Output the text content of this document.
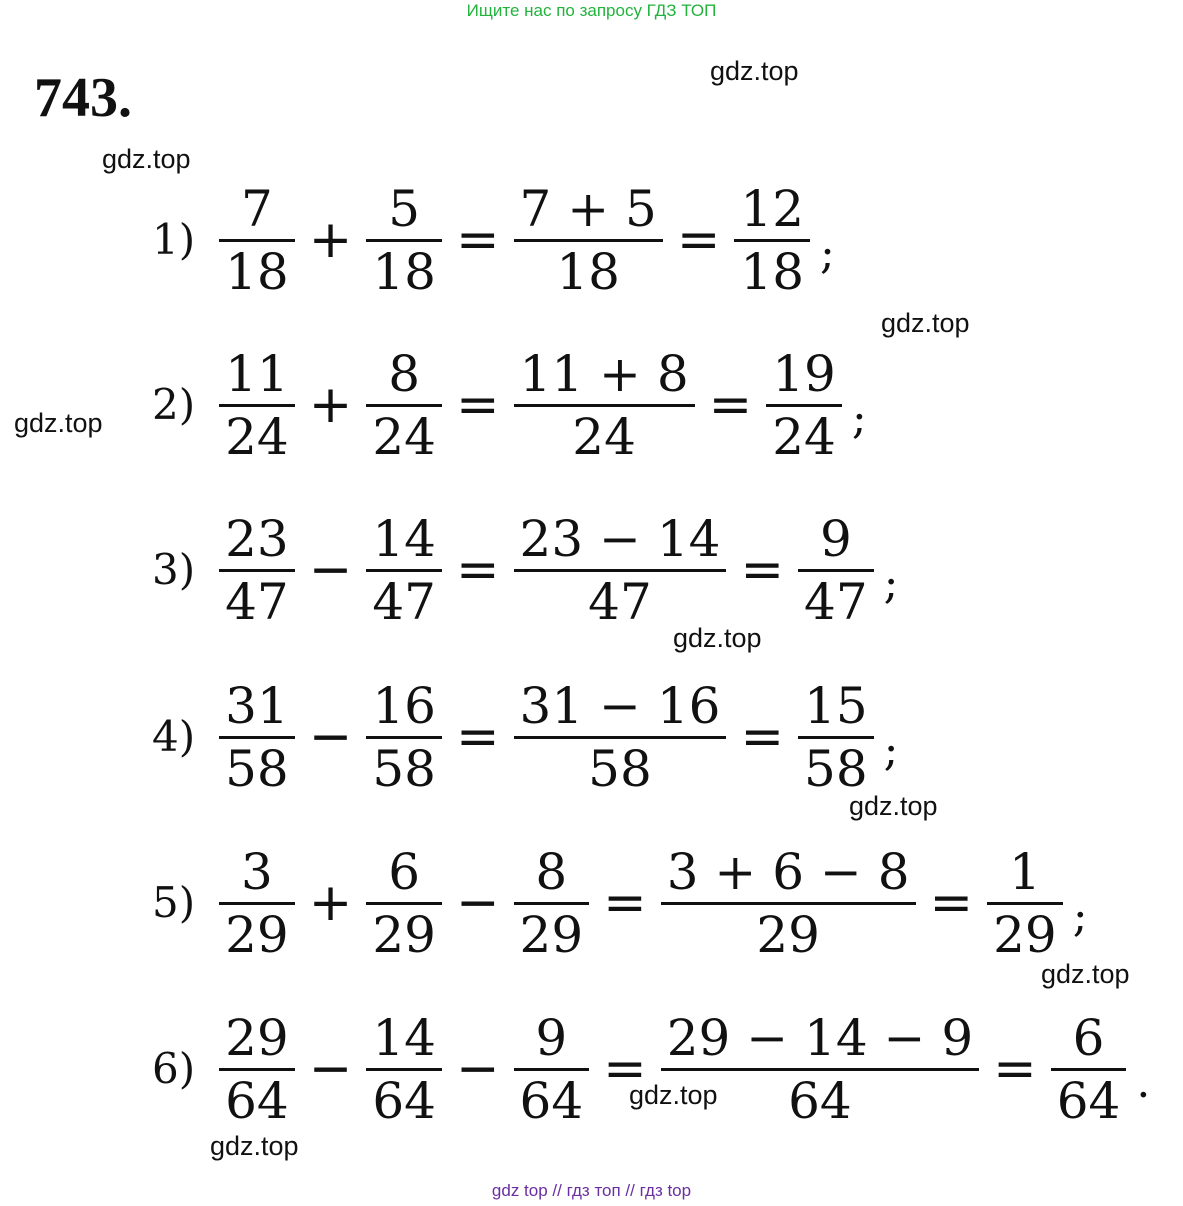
Ищите нас по запросу ГДЗ ТОП
743.	gdz.top
gdz.top
gdz.top
gdz.top
gdz.top
gdz.top
gdz.top
gdz.top
gdz.top
$1) \frac{7}{18} + \frac{5}{18} = \frac{7 + 5}{18} = \frac{12}{18}$ ;
$2) \frac{11}{24} + \frac{8}{24} = \frac{11 + 8}{24} = \frac{19}{24}$ ;
$3) \frac{23}{47} - \frac{14}{47} = \frac{23 - 14}{47} = \frac{9}{47}$ ;
$4) \frac{31}{58} - \frac{16}{58} = \frac{31 - 16}{58} = \frac{15}{58}$ ;
$5) \frac{3}{29} + \frac{6}{29} - \frac{8}{29} = \frac{3 + 6 - 8}{29} = \frac{1}{29}$ ;
$6) \frac{29}{64} - \frac{14}{64} - \frac{9}{64} = \frac{29 - 14 - 9}{64} = \frac{6}{64}$ .
gdz top // гдз топ // гдз top
